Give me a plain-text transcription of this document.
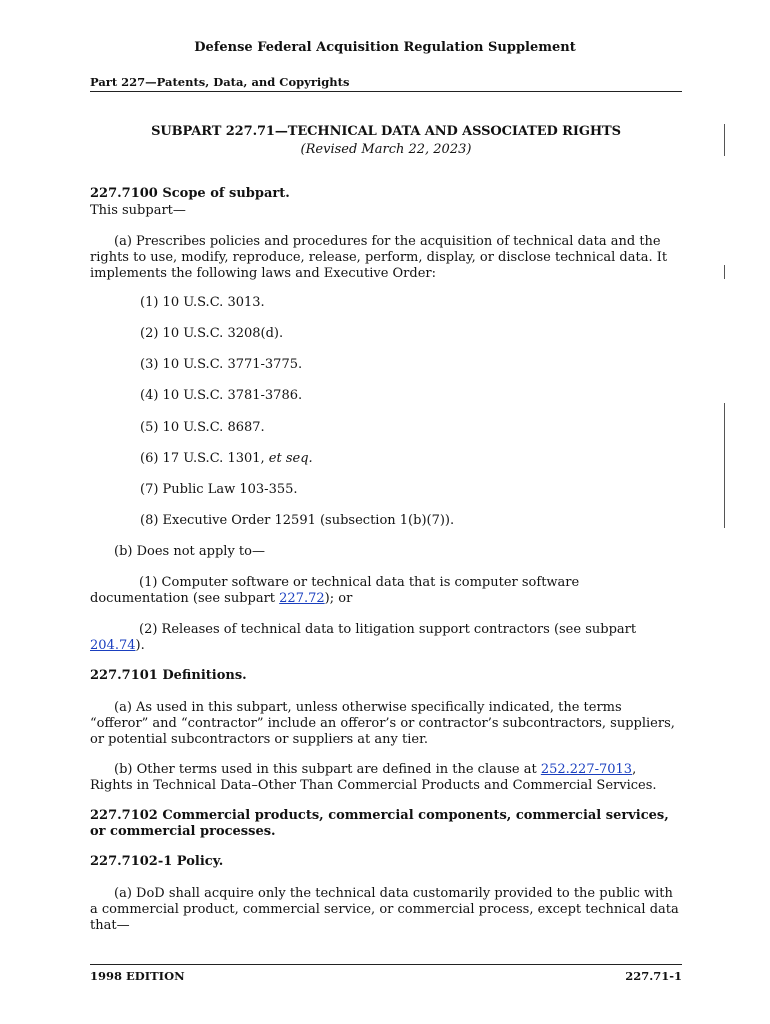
Defense Federal Acquisition Regulation Supplement
Part 227—Patents, Data, and Copyrights
SUBPART 227.71—TECHNICAL DATA AND ASSOCIATED RIGHTS
(Revised March 22, 2023)
227.7100 Scope of subpart.
This subpart—
(a) Prescribes policies and procedures for the acquisition of technical data and the rights to use, modify, reproduce, release, perform, display, or disclose technical data. It implements the following laws and Executive Order:
(1) 10 U.S.C. 3013.
(2) 10 U.S.C. 3208(d).
(3) 10 U.S.C. 3771-3775.
(4) 10 U.S.C. 3781-3786.
(5) 10 U.S.C. 8687.
(6) 17 U.S.C. 1301, et seq.
(7) Public Law 103-355.
(8) Executive Order 12591 (subsection 1(b)(7)).
(b) Does not apply to—
(1) Computer software or technical data that is computer software documentation (see subpart 227.72); or
(2) Releases of technical data to litigation support contractors (see subpart 204.74).
227.7101 Definitions.
(a) As used in this subpart, unless otherwise specifically indicated, the terms “offeror” and “contractor” include an offeror’s or contractor’s subcontractors, suppliers, or potential subcontractors or suppliers at any tier.
(b) Other terms used in this subpart are defined in the clause at 252.227-7013, Rights in Technical Data–Other Than Commercial Products and Commercial Services.
227.7102 Commercial products, commercial components, commercial services, or commercial processes.
227.7102-1 Policy.
(a) DoD shall acquire only the technical data customarily provided to the public with a commercial product, commercial service, or commercial process, except technical data that—
1998 EDITION	227.71-1
